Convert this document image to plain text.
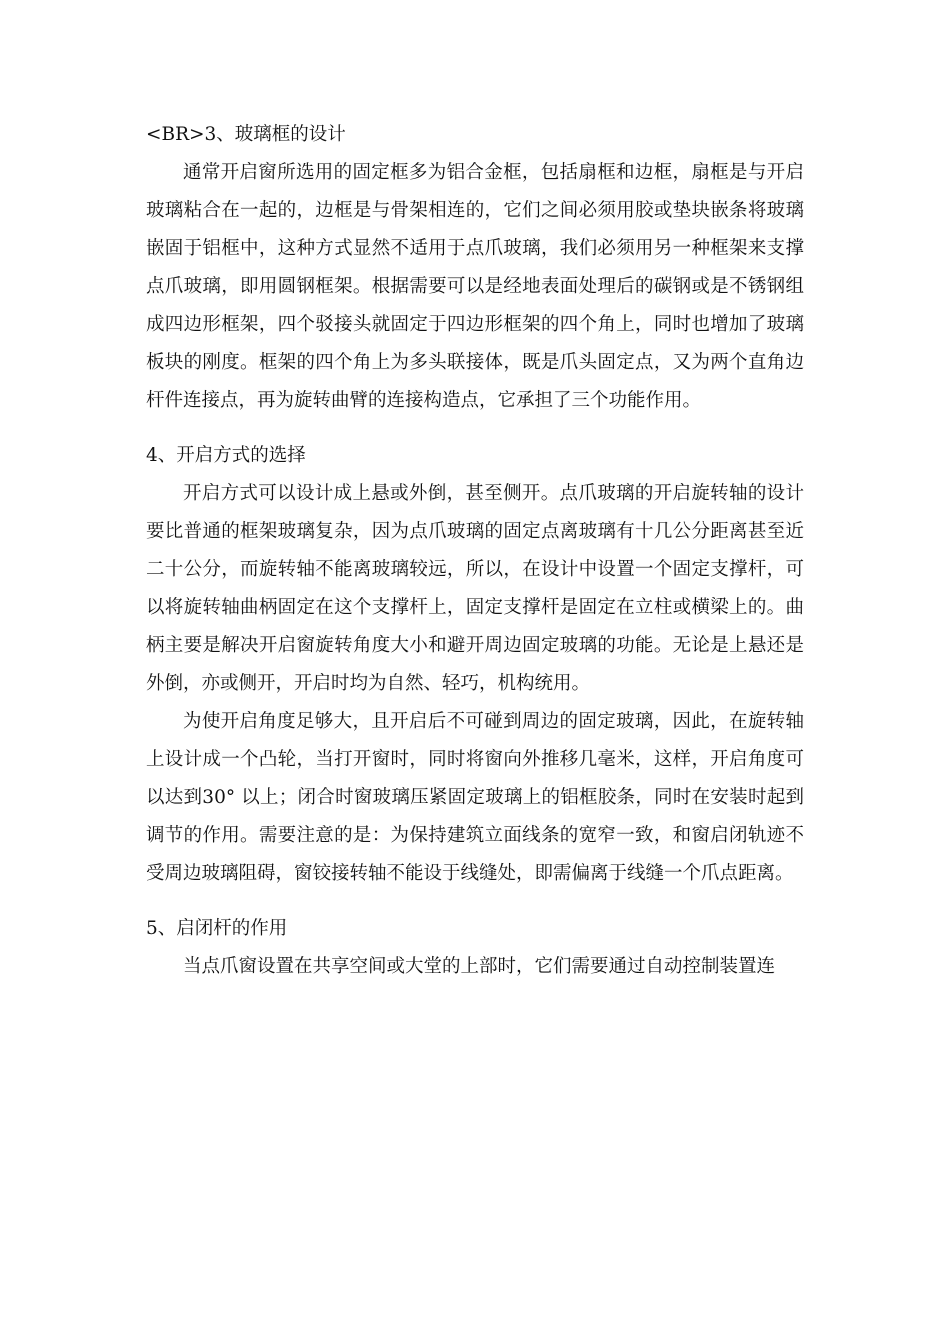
<BR>3、玻璃框的设计
通常开启窗所选用的固定框多为铝合金框，包括扇框和边框，扇框是与开启玻璃粘合在一起的，边框是与骨架相连的，它们之间必须用胶或垫块嵌条将玻璃嵌固于铝框中，这种方式显然不适用于点爪玻璃，我们必须用另一种框架来支撑点爪玻璃，即用圆钢框架。根据需要可以是经地表面处理后的碳钢或是不锈钢组成四边形框架，四个驳接头就固定于四边形框架的四个角上，同时也增加了玻璃板块的刚度。框架的四个角上为多头联接体，既是爪头固定点，又为两个直角边杆件连接点，再为旋转曲臂的连接构造点，它承担了三个功能作用。
4、开启方式的选择
开启方式可以设计成上悬或外倒，甚至侧开。点爪玻璃的开启旋转轴的设计要比普通的框架玻璃复杂，因为点爪玻璃的固定点离玻璃有十几公分距离甚至近二十公分，而旋转轴不能离玻璃较远，所以，在设计中设置一个固定支撑杆，可以将旋转轴曲柄固定在这个支撑杆上，固定支撑杆是固定在立柱或横梁上的。曲柄主要是解决开启窗旋转角度大小和避开周边固定玻璃的功能。无论是上悬还是外倒，亦或侧开，开启时均为自然、轻巧，机构统用。
为使开启角度足够大，且开启后不可碰到周边的固定玻璃，因此，在旋转轴上设计成一个凸轮，当打开窗时，同时将窗向外推移几毫米，这样，开启角度可以达到30° 以上；闭合时窗玻璃压紧固定玻璃上的铝框胶条，同时在安装时起到调节的作用。需要注意的是：为保持建筑立面线条的宽窄一致，和窗启闭轨迹不受周边玻璃阻碍，窗铰接转轴不能设于线缝处，即需偏离于线缝一个爪点距离。
5、启闭杆的作用
当点爪窗设置在共享空间或大堂的上部时，它们需要通过自动控制装置连
